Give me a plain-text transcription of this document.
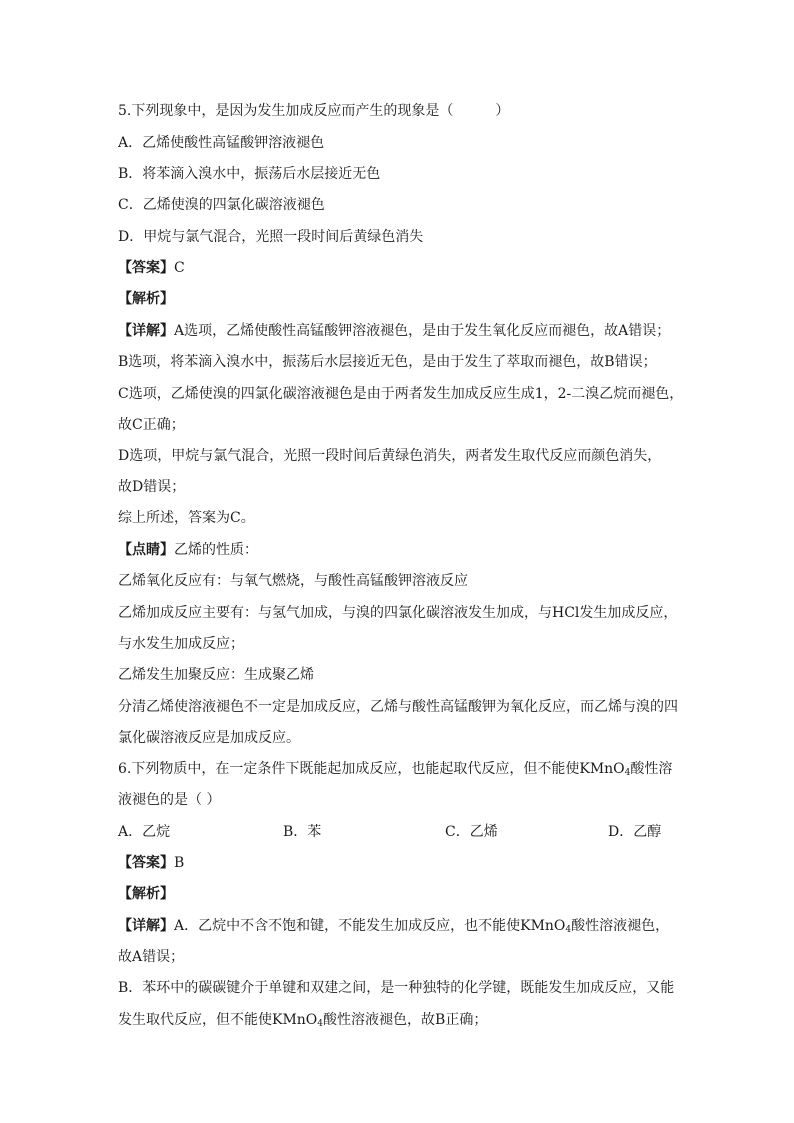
5.下列现象中，是因为发生加成反应而产生的现象是（　　　）
A．乙烯使酸性高锰酸钾溶液褪色
B．将苯滴入溴水中，振荡后水层接近无色
C．乙烯使溴的四氯化碳溶液褪色
D．甲烷与氯气混合，光照一段时间后黄绿色消失
【答案】C
【解析】
【详解】A选项，乙烯使酸性高锰酸钾溶液褪色，是由于发生氧化反应而褪色，故A错误；
B选项，将苯滴入溴水中，振荡后水层接近无色，是由于发生了萃取而褪色，故B错误；
C选项，乙烯使溴的四氯化碳溶液褪色是由于两者发生加成反应生成1，2-二溴乙烷而褪色，
故C正确；
D选项，甲烷与氯气混合，光照一段时间后黄绿色消失，两者发生取代反应而颜色消失，
故D错误；
综上所述，答案为C。
【点睛】乙烯的性质：
乙烯氧化反应有：与氧气燃烧，与酸性高锰酸钾溶液反应
乙烯加成反应主要有：与氢气加成，与溴的四氯化碳溶液发生加成，与HCl发生加成反应，
与水发生加成反应；
乙烯发生加聚反应：生成聚乙烯
分清乙烯使溶液褪色不一定是加成反应，乙烯与酸性高锰酸钾为氧化反应，而乙烯与溴的四
氯化碳溶液反应是加成反应。
6.下列物质中，在一定条件下既能起加成反应，也能起取代反应，但不能使KMnO$_4$酸性溶
液褪色的是（ ）
A．乙烷	B．苯	C．乙烯	D．乙醇
【答案】B
【解析】
【详解】A．乙烷中不含不饱和键，不能发生加成反应，也不能使KMnO$_4$酸性溶液褪色，
故A错误；
B．苯环中的碳碳键介于单键和双建之间，是一种独特的化学键，既能发生加成反应，又能
发生取代反应，但不能使KMnO$_4$酸性溶液褪色，故B正确；
